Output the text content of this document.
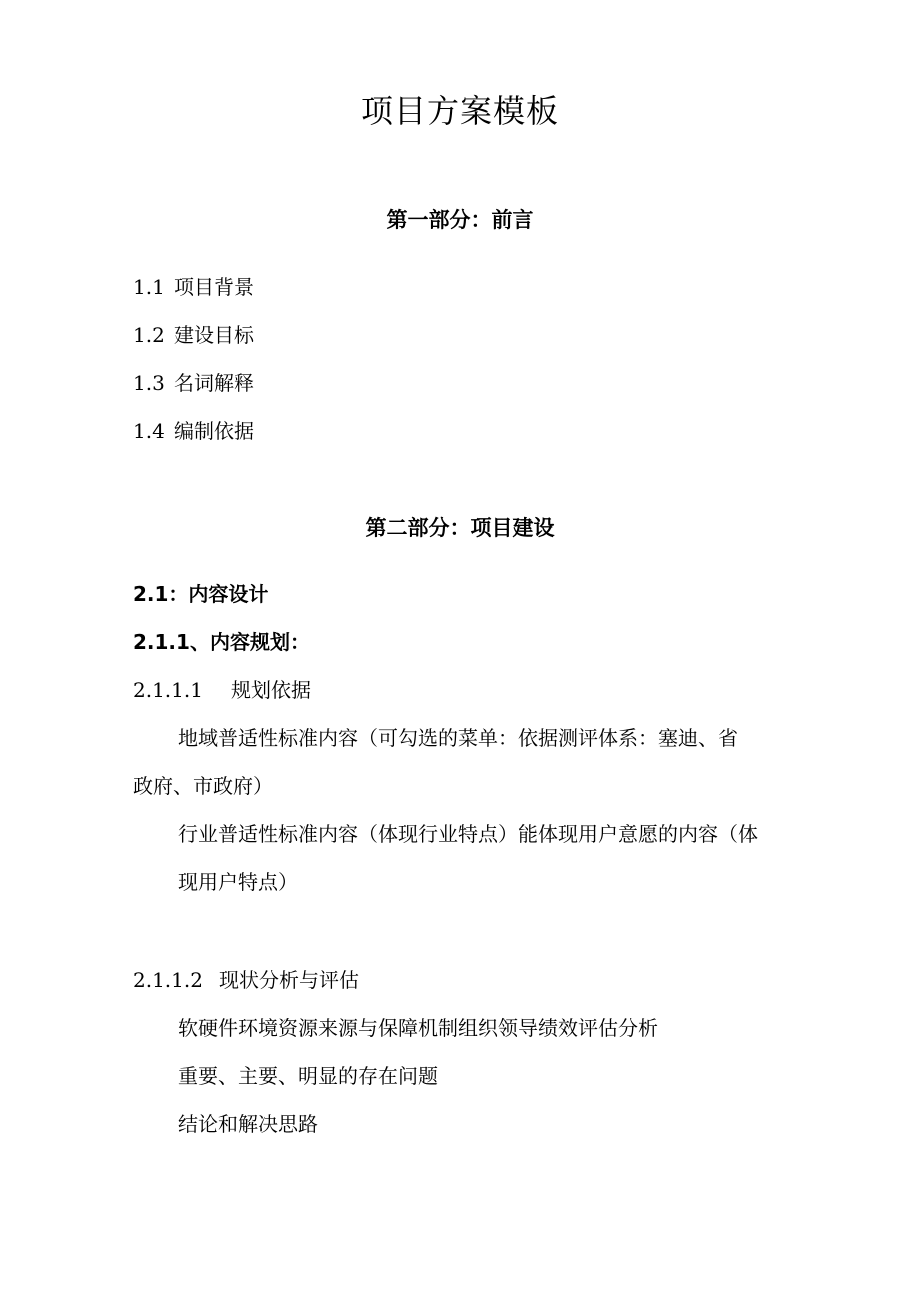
项目方案模板
第一部分：前言
1.1 项目背景
1.2 建设目标
1.3 名词解释
1.4 编制依据
第二部分：项目建设
2.1：内容设计
2.1.1、内容规划：
2.1.1.1 规划依据
地域普适性标准内容（可勾选的菜单：依据测评体系：塞迪、省
政府、市政府）
行业普适性标准内容（体现行业特点）能体现用户意愿的内容（体
现用户特点）
2.1.1.2 现状分析与评估
软硬件环境资源来源与保障机制组织领导绩效评估分析
重要、主要、明显的存在问题
结论和解决思路
